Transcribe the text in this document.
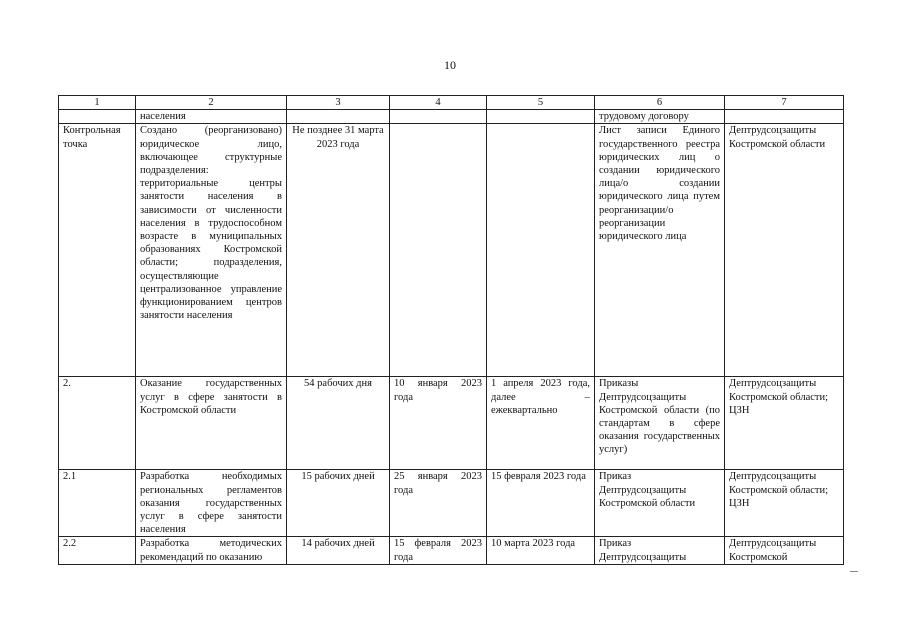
10
1	2	3	4	5	6	7
	населения				трудовому договору	
Контрольная точка	Создано (реорганизовано) юридическое лицо, включающее структурные подразделения: территориальные центры занятости населения в зависимости от численности населения в трудоспособном возрасте в муниципальных образованиях Костромской области; подразделения, осуществляющие централизованное управление функционированием центров занятости населения	Не позднее 31 марта 2023 года			Лист записи Единого государственного реестра юридических лиц о создании юридического лица/о создании юридического лица путем реорганизации/о реорганизации юридического лица	Дептрудсоцзащиты Костромской области
2.	Оказание государственных услуг в сфере занятости в Костромской области	54 рабочих дня	10 января 2023 года	1 апреля 2023 года, далее – ежеквартально	Приказы Дептрудсоцзащиты Костромской области (по стандартам в сфере оказания государственных услуг)	Дептрудсоцзащиты Костромской области; ЦЗН
2.1	Разработка необходимых региональных регламентов оказания государственных услуг в сфере занятости населения	15 рабочих дней	25 января 2023 года	15 февраля 2023 года	Приказ Дептрудсоцзащиты Костромской области	Дептрудсоцзащиты Костромской области; ЦЗН
2.2	Разработка методических рекомендаций по оказанию	14 рабочих дней	15 февраля 2023 года	10 марта 2023 года	Приказ Дептрудсоцзащиты	Дептрудсоцзащиты Костромской
